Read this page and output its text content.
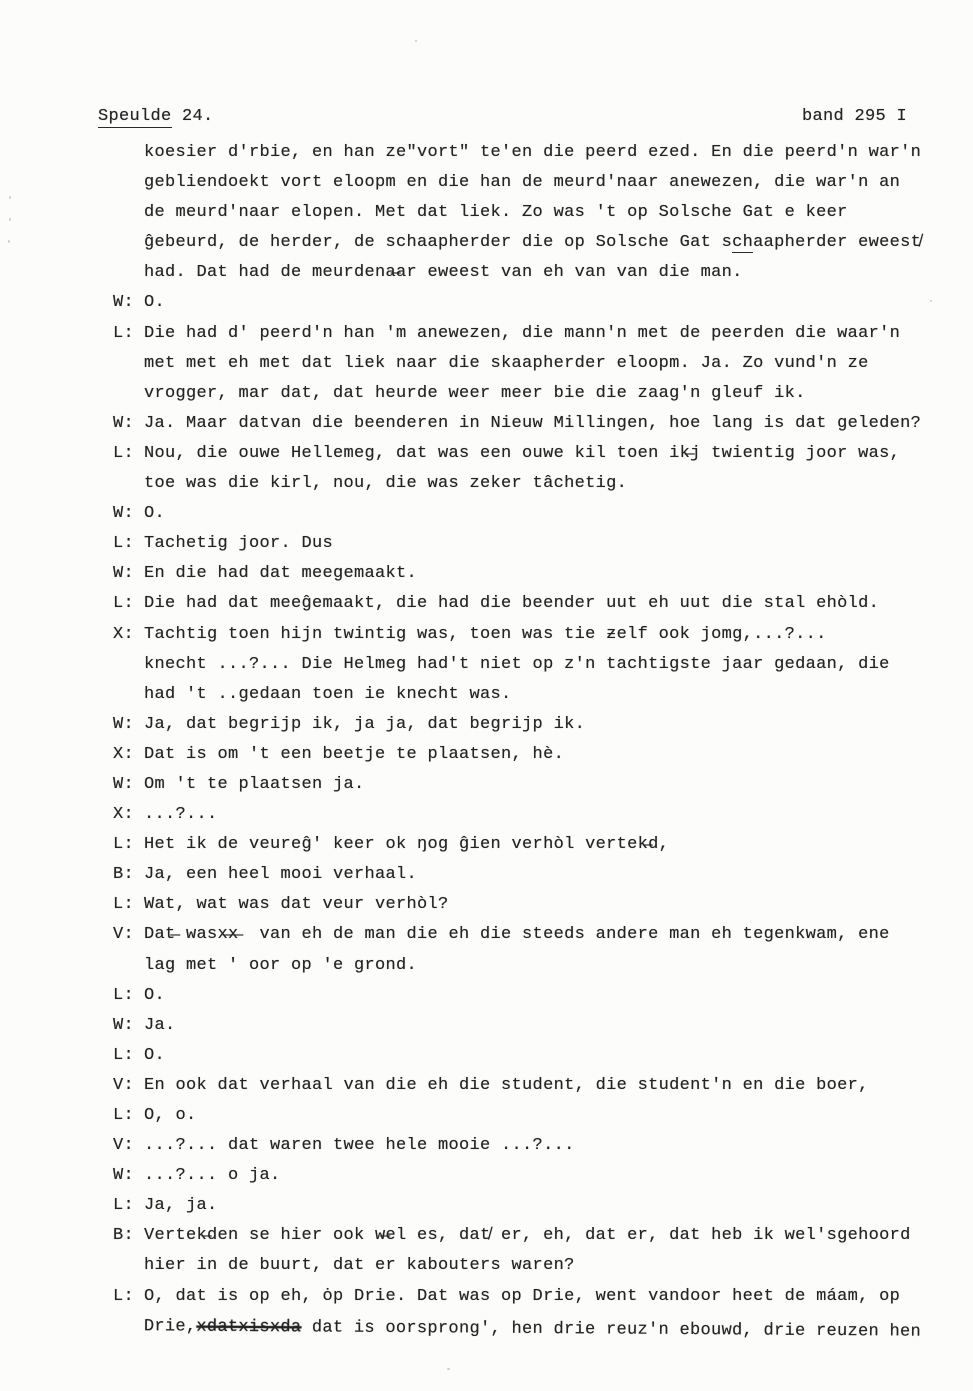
Speulde 24.	band 295 I
koesier d'rbie, en han ze"vort" te'en die peerd ezed. En die peerd'n war'n
gebliendoekt vort eloopm en die han de meurd'naar anewezen, die war'n an
de meurd'naar elopen. Met dat liek. Zo was 't op Solsche Gat e keer
ĝebeurd, de herder, de schaapherder die op Solsche Gat schaapherder eweest̸
had. Dat had de meurdena̶ar eweest van eh van van die man.
W: O.
L: Die had d' peerd'n han 'm anewezen, die mann'n met de peerden die waar'n
met met eh met dat liek naar die skaapherder eloopm. Ja. Zo vund'n ze
vrogger, mar dat, dat heurde weer meer bie die zaag'n gleuf ik.
W: Ja. Maar datvan die beenderen in Nieuw Millingen, hoe lang is dat geleden?
L: Nou, die ouwe Hellemeg, dat was een ouwe kil toen ik̶j twientig joor was,
toe was die kirl, nou, die was zeker tâchetig.
W: O.
L: Tachetig joor. Dus
W: En die had dat meegemaakt.
L: Die had dat meeĝemaakt, die had die beender uut eh uut die stal ehòld.
X: Tachtig toen hijn twintig was, toen was tie ƶelf ook jomg,...?...
knecht ...?... Die Helmeg had't niet op z'n tachtigste jaar gedaan, die
had 't ..gedaan toen ie knecht was.
W: Ja, dat begrijp ik, ja ja, dat begrijp ik.
X: Dat is om 't een beetje te plaatsen, hè.
W: Om 't te plaatsen ja.
X: ...?...
L: Het ik de veureĝ' keer ok ŋog ĝien verhòl vertek̶d,
B: Ja, een heel mooi verhaal.
L: Wat, wat was dat veur verhòl?
V: Dat̶ wasx̶x̶  van eh de man die eh die steeds andere man eh tegenkwam, ene
lag met ' oor op 'e grond.
L: O.
W: Ja.
L: O.
V: En ook dat verhaal van die eh die student, die student'n en die boer,
L: O, o.
V: ...?... dat waren twee hele mooie ...?...
W: ...?... o ja.
L: Ja, ja.
B: Vertek̶den se hier ook w̶el es, dat̸ er, eh, dat er, dat heb ik wel'sgehoord
hier in de buurt, dat er kabouters waren?
L: O, dat is op eh, ȯp Drie. Dat was op Drie, went vandoor heet de máam, op
Drie,xdatxisxda dat is oorsprong', hen drie reuz'n ebouwd, drie reuzen hen
